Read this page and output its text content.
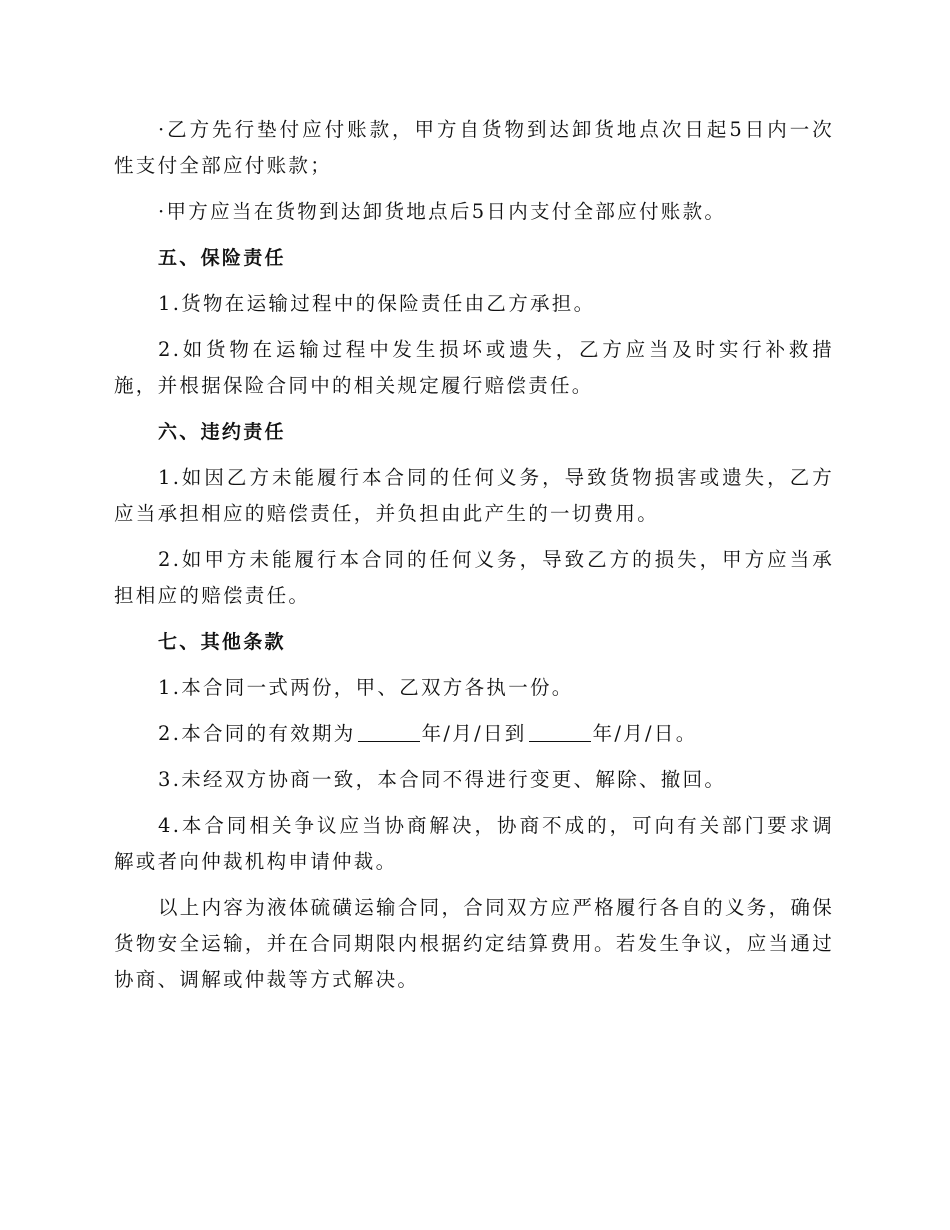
·乙方先行垫付应付账款，甲方自货物到达卸货地点次日起5日内一次性支付全部应付账款；

·甲方应当在货物到达卸货地点后5日内支付全部应付账款。

五、保险责任

1.货物在运输过程中的保险责任由乙方承担。

2.如货物在运输过程中发生损坏或遗失，乙方应当及时实行补救措施，并根据保险合同中的相关规定履行赔偿责任。

六、违约责任

1.如因乙方未能履行本合同的任何义务，导致货物损害或遗失，乙方应当承担相应的赔偿责任，并负担由此产生的一切费用。

2.如甲方未能履行本合同的任何义务，导致乙方的损失，甲方应当承担相应的赔偿责任。

七、其他条款

1.本合同一式两份，甲、乙双方各执一份。

2.本合同的有效期为	年/月/日到	年/月/日。

3.未经双方协商一致，本合同不得进行变更、解除、撤回。

4.本合同相关争议应当协商解决，协商不成的，可向有关部门要求调解或者向仲裁机构申请仲裁。

以上内容为液体硫磺运输合同，合同双方应严格履行各自的义务，确保货物安全运输，并在合同期限内根据约定结算费用。若发生争议，应当通过协商、调解或仲裁等方式解决。
